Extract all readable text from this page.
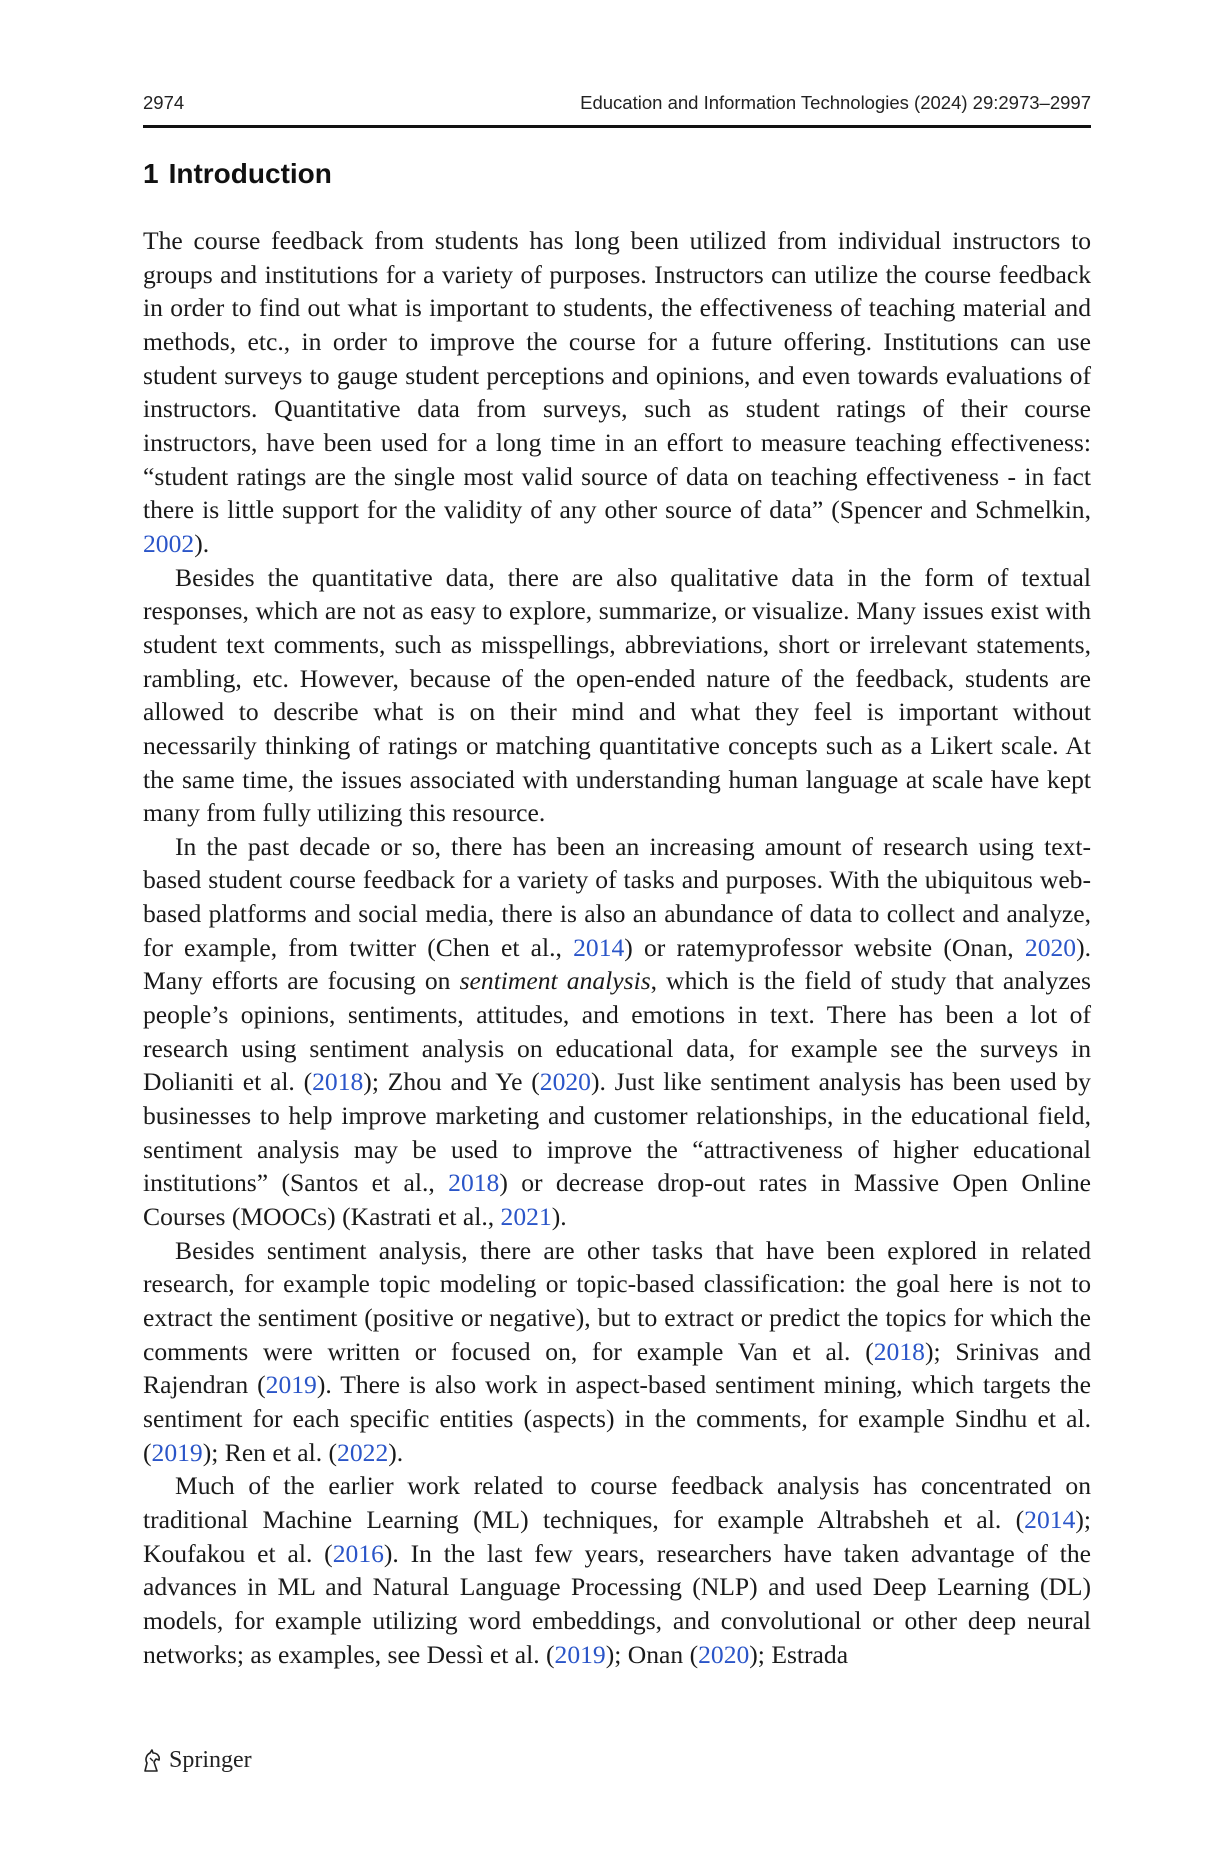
2974	Education and Information Technologies (2024) 29:2973–2997
1 Introduction

The course feedback from students has long been utilized from individual instructors to groups and institutions for a variety of purposes. Instructors can utilize the course feedback in order to find out what is important to students, the effectiveness of teaching material and methods, etc., in order to improve the course for a future offering. Institutions can use student surveys to gauge student perceptions and opinions, and even towards evaluations of instructors. Quantitative data from surveys, such as student ratings of their course instructors, have been used for a long time in an effort to measure teaching effectiveness: “student ratings are the single most valid source of data on teaching effectiveness - in fact there is little support for the validity of any other source of data” (Spencer and Schmelkin, 2002).

Besides the quantitative data, there are also qualitative data in the form of textual responses, which are not as easy to explore, summarize, or visualize. Many issues exist with student text comments, such as misspellings, abbreviations, short or irrelevant statements, rambling, etc. However, because of the open-ended nature of the feedback, students are allowed to describe what is on their mind and what they feel is important without necessarily thinking of ratings or matching quantitative concepts such as a Likert scale. At the same time, the issues associated with understanding human language at scale have kept many from fully utilizing this resource.

In the past decade or so, there has been an increasing amount of research using text-based student course feedback for a variety of tasks and purposes. With the ubiquitous web-based platforms and social media, there is also an abundance of data to collect and analyze, for example, from twitter (Chen et al., 2014) or ratemyprofessor website (Onan, 2020). Many efforts are focusing on sentiment analysis, which is the field of study that analyzes people’s opinions, sentiments, attitudes, and emotions in text. There has been a lot of research using sentiment analysis on educational data, for example see the surveys in Dolianiti et al. (2018); Zhou and Ye (2020). Just like sentiment analysis has been used by businesses to help improve marketing and customer relationships, in the educational field, sentiment analysis may be used to improve the “attractiveness of higher educational institutions” (Santos et al., 2018) or decrease drop-out rates in Massive Open Online Courses (MOOCs) (Kastrati et al., 2021).

Besides sentiment analysis, there are other tasks that have been explored in related research, for example topic modeling or topic-based classification: the goal here is not to extract the sentiment (positive or negative), but to extract or predict the topics for which the comments were written or focused on, for example Van et al. (2018); Srinivas and Rajendran (2019). There is also work in aspect-based sentiment mining, which targets the sentiment for each specific entities (aspects) in the comments, for example Sindhu et al. (2019); Ren et al. (2022).

Much of the earlier work related to course feedback analysis has concentrated on traditional Machine Learning (ML) techniques, for example Altrabsheh et al. (2014); Koufakou et al. (2016). In the last few years, researchers have taken advantage of the advances in ML and Natural Language Processing (NLP) and used Deep Learning (DL) models, for example utilizing word embeddings, and convolutional or other deep neural networks; as examples, see Dessì et al. (2019); Onan (2020); Estrada

Springer
